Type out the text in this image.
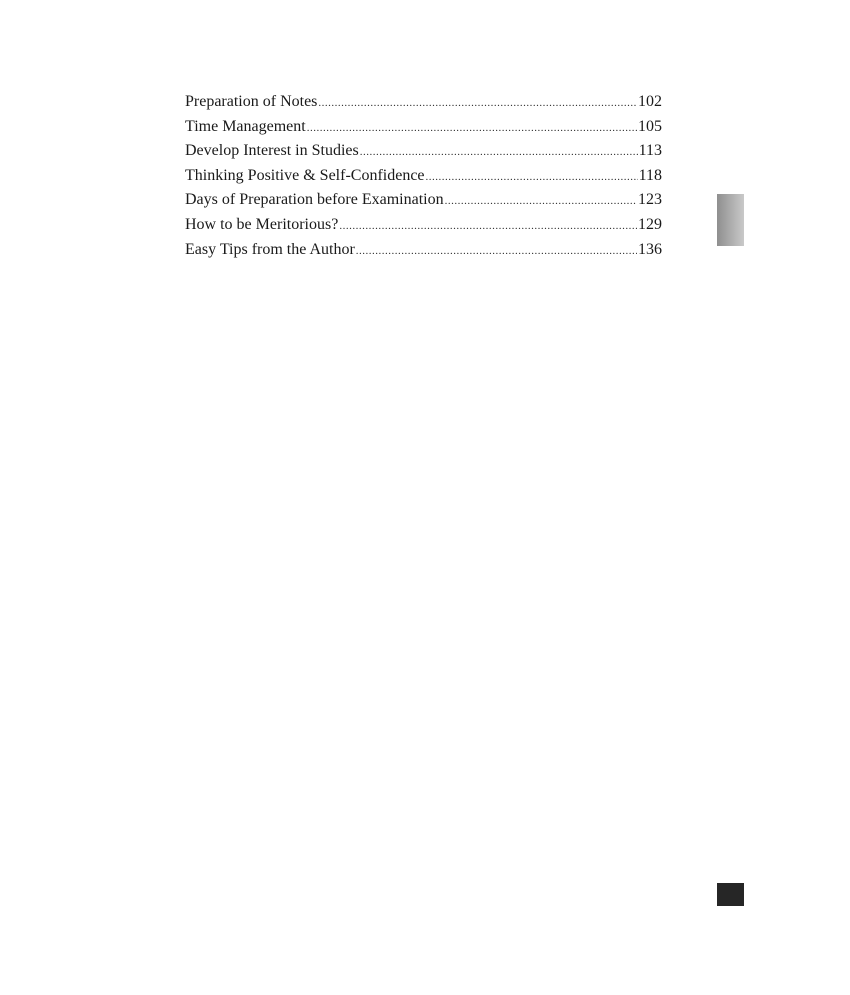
Preparation of Notes .....	102
Time Management .....	105
Develop Interest in Studies .....	113
Thinking Positive & Self-Confidence .....	118
Days of Preparation before Examination .....	123
How to be Meritorious? .....	129
Easy Tips from the Author .....	136
